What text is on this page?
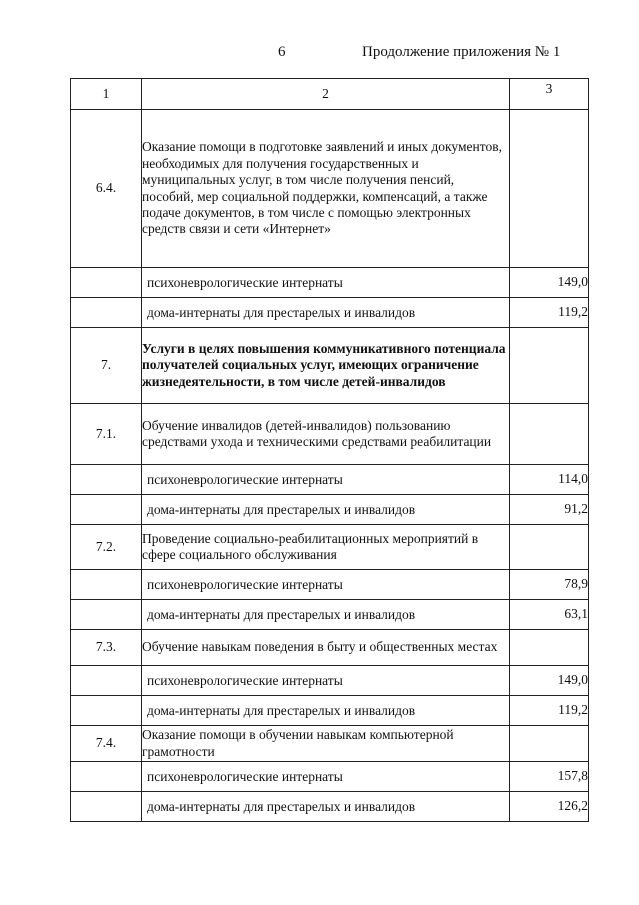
6	Продолжение приложения № 1
1	2	3
6.4.	Оказание помощи в подготовке заявлений и иных документов, необходимых для получения государственных и муниципальных услуг, в том числе получения пенсий, пособий, мер социальной поддержки, компенсаций, а также подаче документов, в том числе с помощью электронных средств связи и сети «Интернет»	
	психоневрологические интернаты	149,0
	дома-интернаты для престарелых и инвалидов	119,2
7.	Услуги в целях повышения коммуникативного потенциала получателей социальных услуг, имеющих ограничение жизнедеятельности, в том числе детей-инвалидов	
7.1.	Обучение инвалидов (детей-инвалидов) пользованию средствами ухода и техническими средствами реабилитации	
	психоневрологические интернаты	114,0
	дома-интернаты для престарелых и инвалидов	91,2
7.2.	Проведение социально-реабилитационных мероприятий в сфере социального обслуживания	
	психоневрологические интернаты	78,9
	дома-интернаты для престарелых и инвалидов	63,1
7.3.	Обучение навыкам поведения в быту и общественных местах	
	психоневрологические интернаты	149,0
	дома-интернаты для престарелых и инвалидов	119,2
7.4.	Оказание помощи в обучении навыкам компьютерной грамотности	
	психоневрологические интернаты	157,8
	дома-интернаты для престарелых и инвалидов	126,2
